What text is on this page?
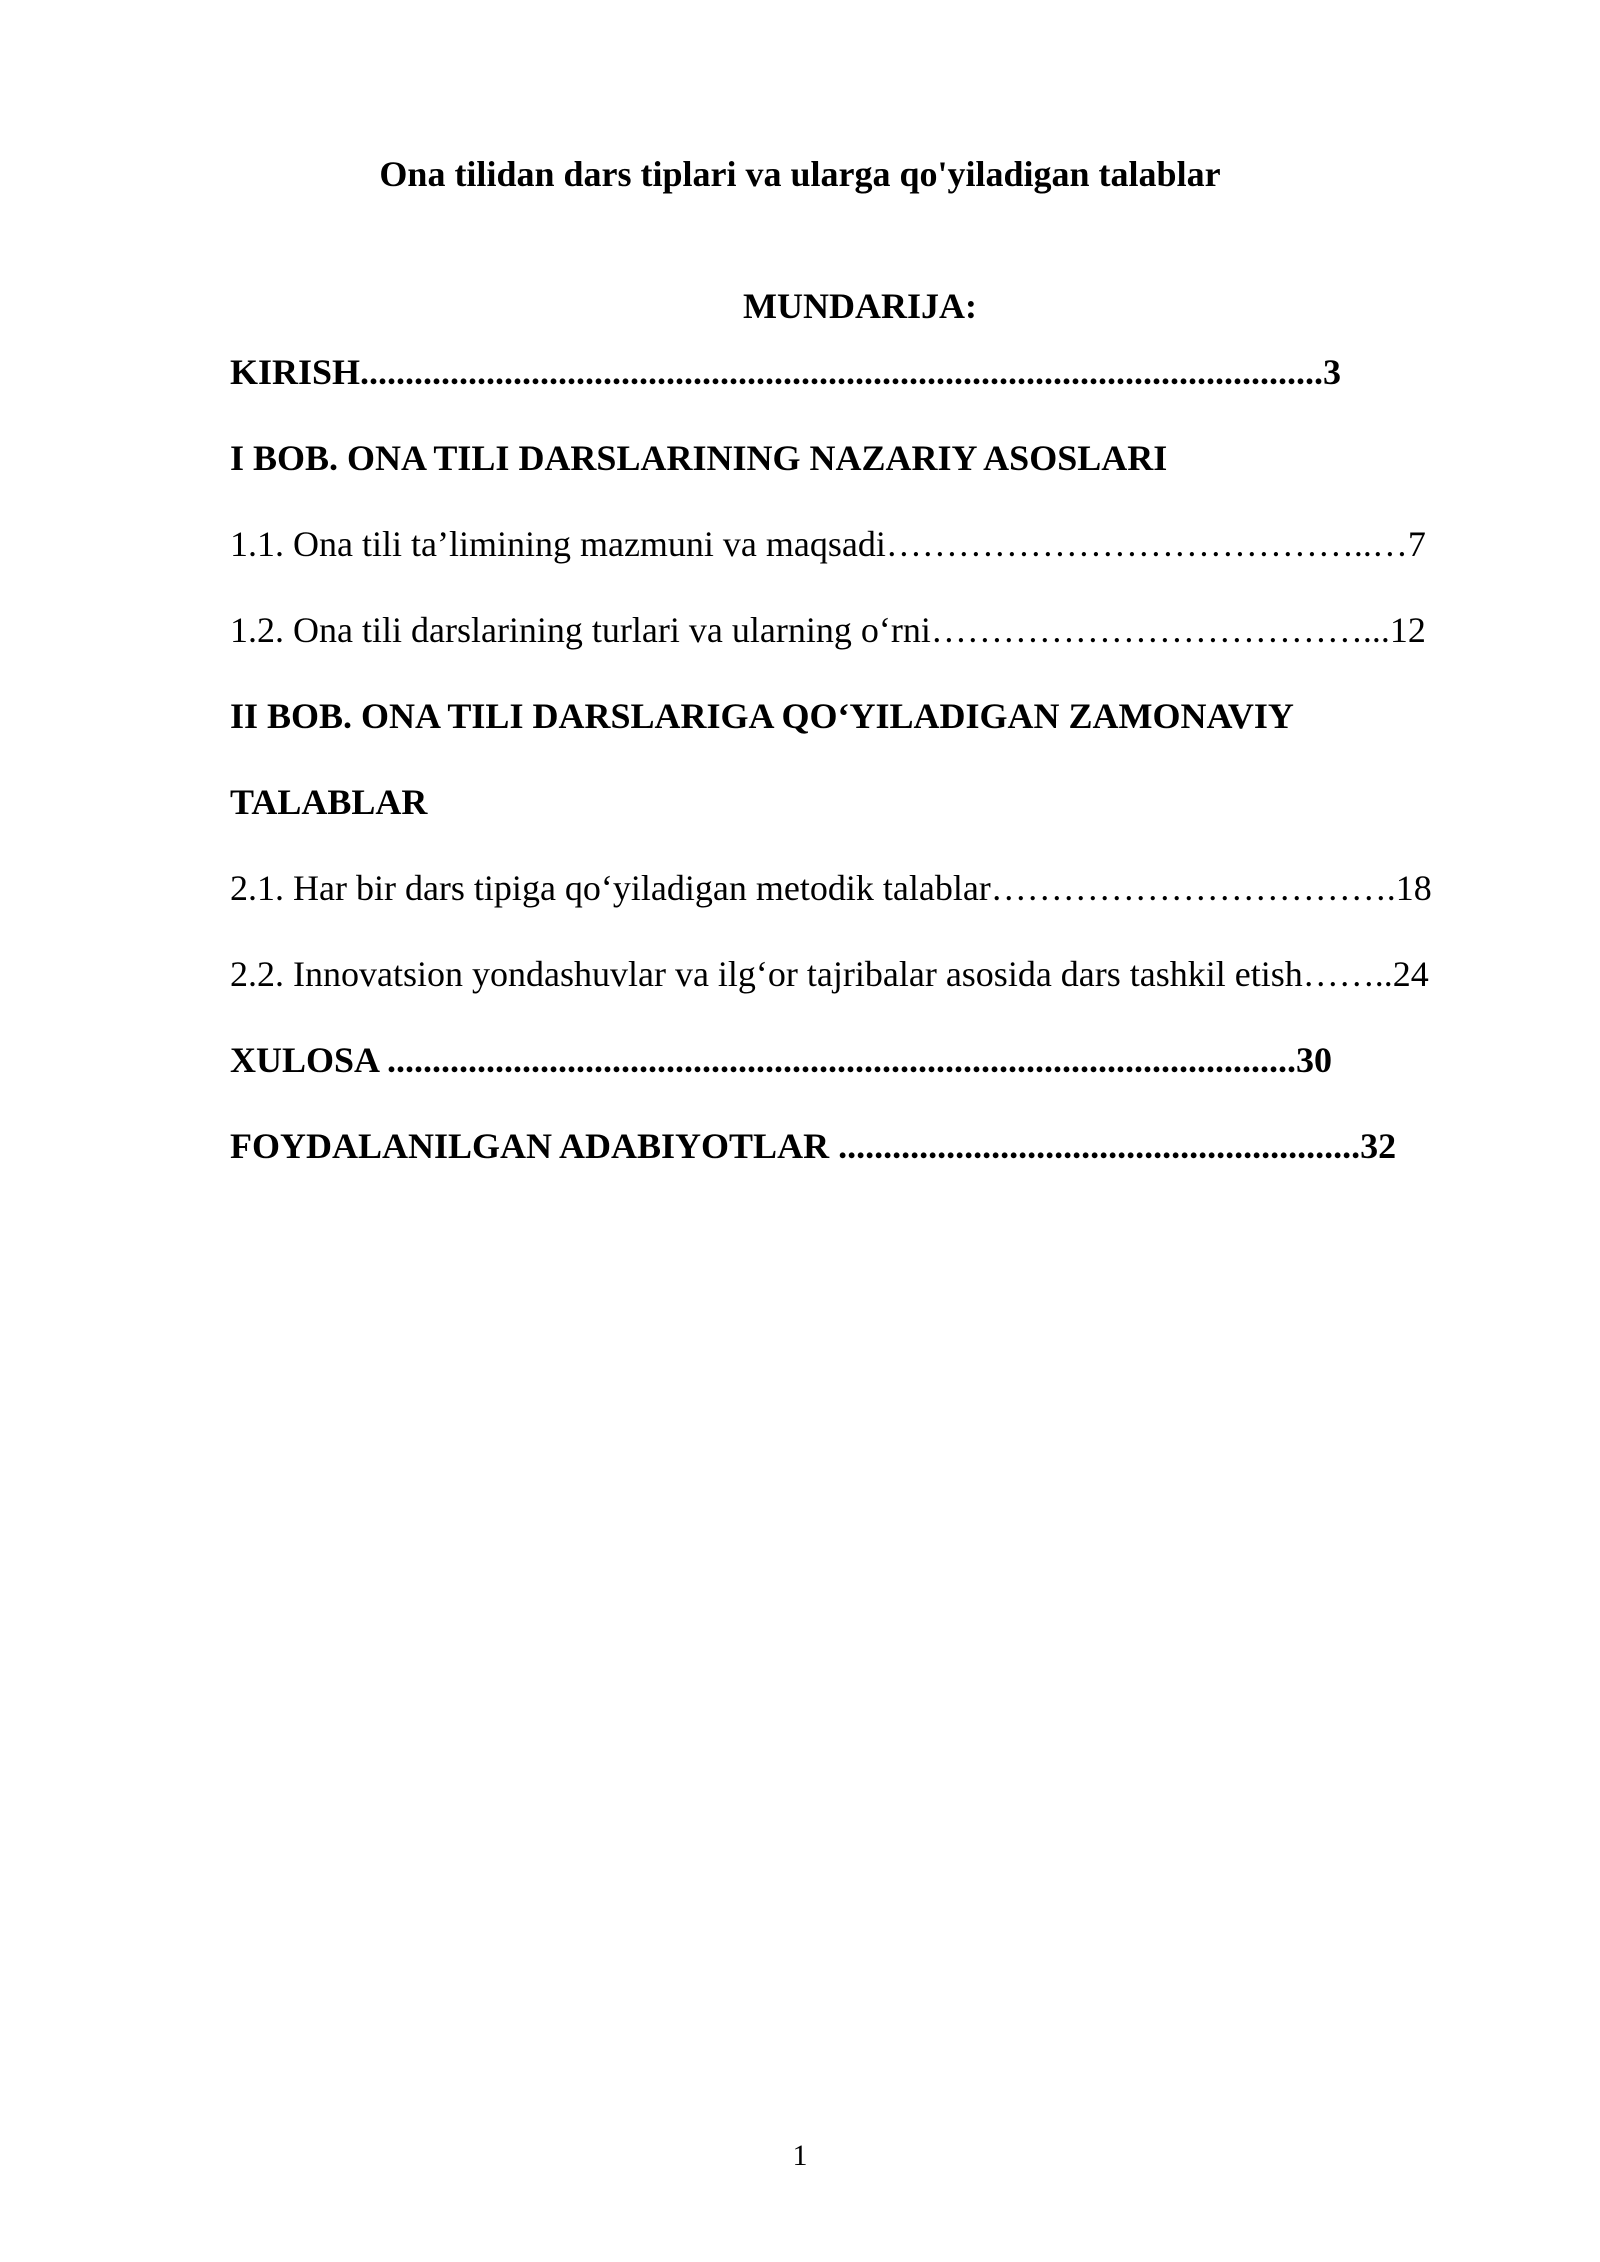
Ona tilidan dars tiplari va ularga qo'yiladigan talablar
MUNDARIJA:
KIRISH...........................................................................................................3
I BOB. ONA TILI DARSLARINING NAZARIY ASOSLARI
1.1. Ona tili ta’limining mazmuni va maqsadi…………………………………..…7
1.2. Ona tili darslarining turlari va ularning o‘rni………………………………...12
II BOB. ONA TILI DARSLARIGA QO‘YILADIGAN ZAMONAVIY
TALABLAR
2.1. Har bir dars tipiga qo‘yiladigan metodik talablar…………………………….18
2.2. Innovatsion yondashuvlar va ilg‘or tajribalar asosida dars tashkil etish……..24
XULOSA .....................................................................................................30
FOYDALANILGAN ADABIYOTLAR ..........................................................32
1
